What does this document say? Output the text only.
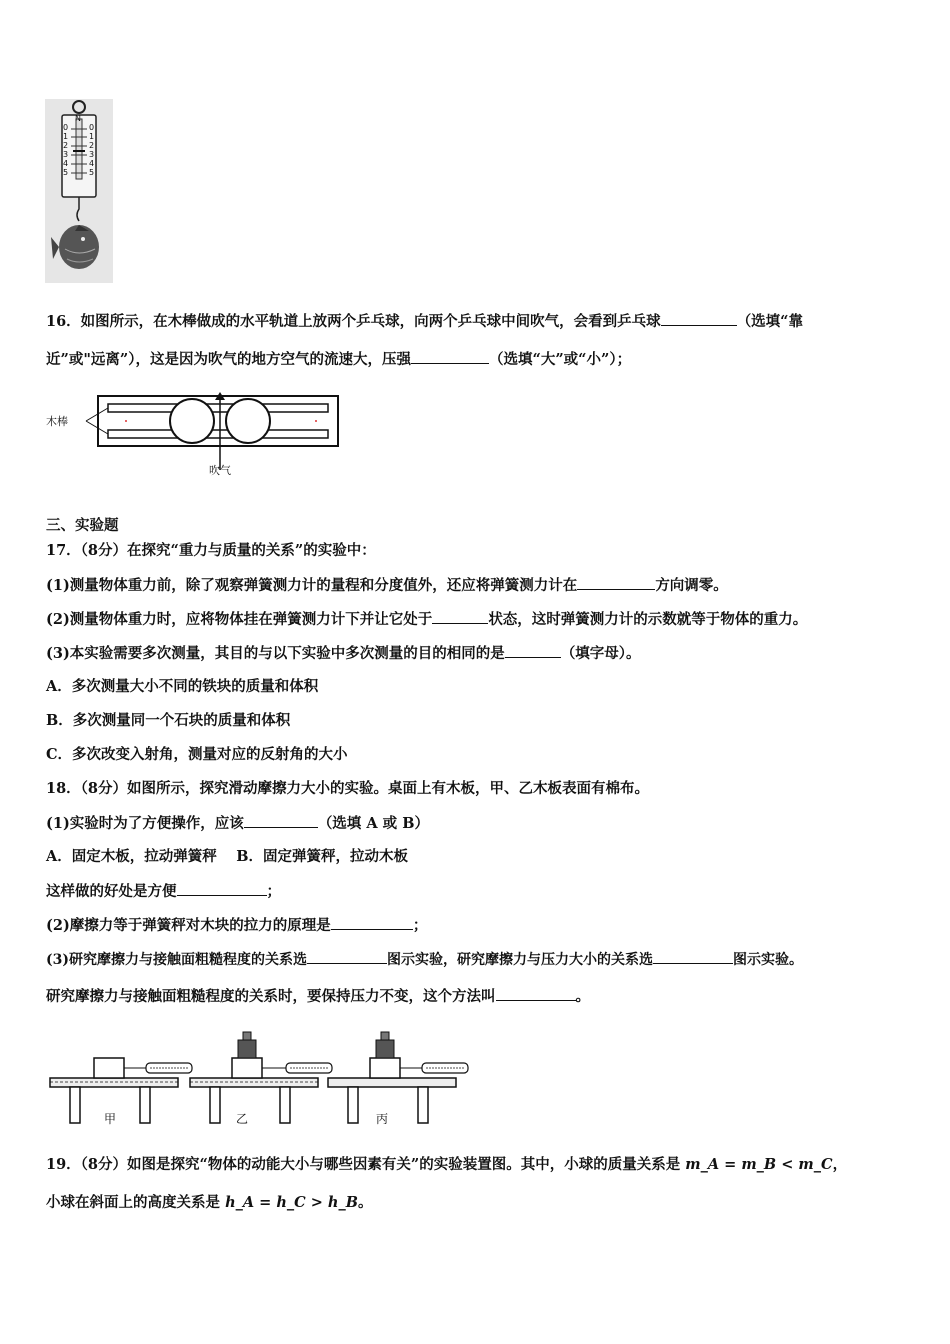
N
0
1
2
3
4
5
0
1
2
3
4
5
16．如图所示，在木棒做成的水平轨道上放两个乒乓球，向两个乒乓球中间吹气，会看到乒乓球	（选填“靠
近”或"远离”），这是因为吹气的地方空气的流速大，压强	（选填“大”或“小”）；
木棒
吹气
三、实验题
17．（8分）在探究“重力与质量的关系”的实验中：
(1)测量物体重力前，除了观察弹簧测力计的量程和分度值外，还应将弹簧测力计在	方向调零。
(2)测量物体重力时，应将物体挂在弹簧测力计下并让它处于	状态，这时弹簧测力计的示数就等于物体的重力。
(3)本实验需要多次测量，其目的与以下实验中多次测量的目的相同的是	（填字母）。
A．多次测量大小不同的铁块的质量和体积
B．多次测量同一个石块的质量和体积
C．多次改变入射角，测量对应的反射角的大小
18．（8分）如图所示，探究滑动摩擦力大小的实验。桌面上有木板，甲、乙木板表面有棉布。
(1)实验时为了方便操作，应该	（选填 A 或 B）
A．固定木板，拉动弹簧秤　 B．固定弹簧秤，拉动木板
这样做的好处是方便	；
(2)摩擦力等于弹簧秤对木块的拉力的原理是	；
(3)研究摩擦力与接触面粗糙程度的关系选	图示实验，研究摩擦力与压力大小的关系选	图示实验。
研究摩擦力与接触面粗糙程度的关系时，要保持压力不变，这个方法叫	。
甲	乙	丙
19．（8分）如图是探究“物体的动能大小与哪些因素有关”的实验装置图。其中，小球的质量关系是 m_A = m_B < m_C，
小球在斜面上的高度关系是 h_A = h_C > h_B。
